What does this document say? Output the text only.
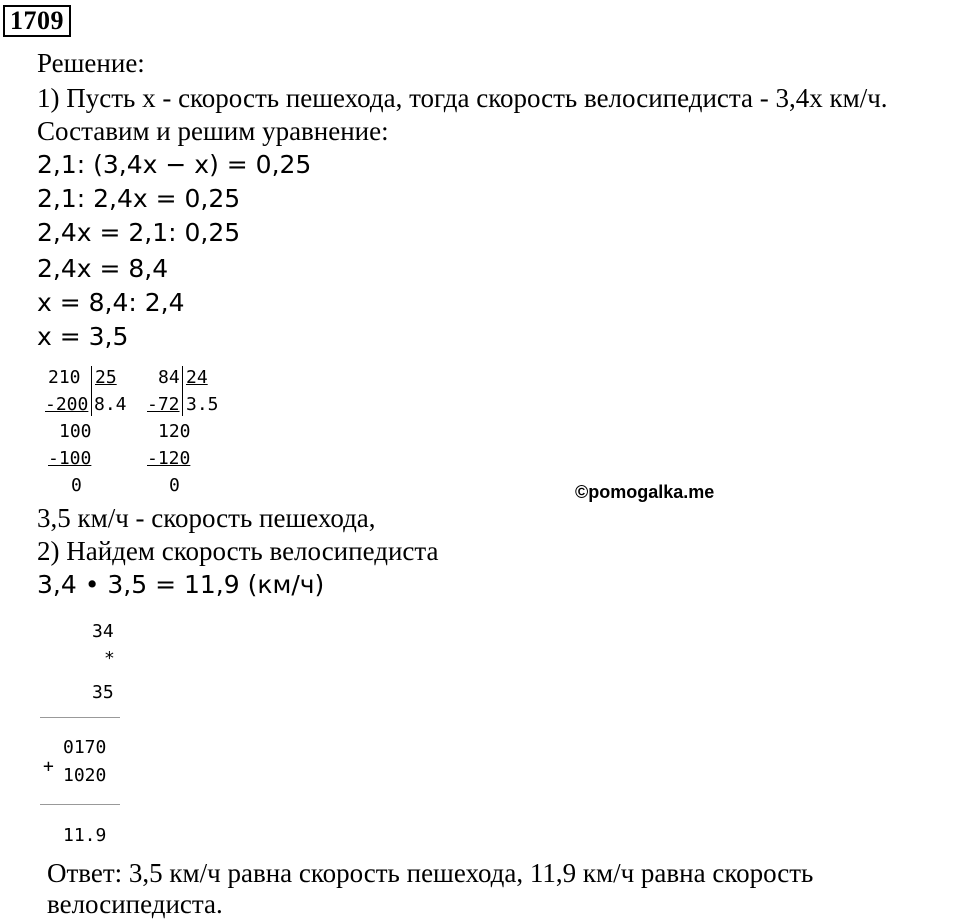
1709
Решение:
1) Пусть x - скорость пешехода, тогда скорость велосипедиста - 3,4x км/ч.
Составим и решим уравнение:
2,1: (3,4x − x) = 0,25
2,1: 2,4x = 0,25
2,4x = 2,1: 0,25
2,4x = 8,4
x = 8,4: 2,4
x = 3,5
210 25
-200 8.4
100
-100
0
84 24
-72 3.5
120
-120
0	©pomogalka.me
3,5 км/ч - скорость пешехода,
2) Найдем скорость велосипедиста
3,4 • 3,5 = 11,9 (км/ч)
34
*
35
0170
+ 1020
11.9
Ответ: 3,5 км/ч равна скорость пешехода, 11,9 км/ч равна скорость велосипедиста.
